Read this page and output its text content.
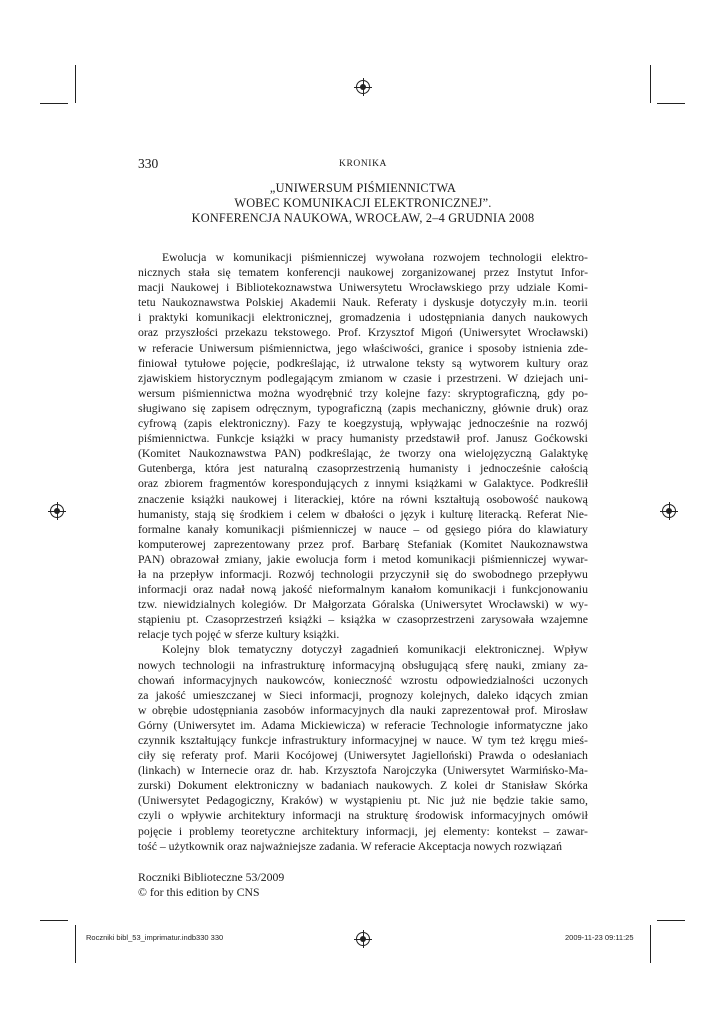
330	KRONIKA
„UNIWERSUM PIŚMIENNICTWA
WOBEC KOMUNIKACJI ELEKTRONICZNEJ”.
KONFERENCJA NAUKOWA, WROCŁAW, 2–4 GRUDNIA 2008
Ewolucja w komunikacji piśmienniczej wywołana rozwojem technologii elektro-
nicznych stała się tematem konferencji naukowej zorganizowanej przez Instytut Infor-
macji Naukowej i Bibliotekoznawstwa Uniwersytetu Wrocławskiego przy udziale Komi-
tetu Naukoznawstwa Polskiej Akademii Nauk. Referaty i dyskusje dotyczyły m.in. teorii
i praktyki komunikacji elektronicznej, gromadzenia i udostępniania danych naukowych
oraz przyszłości przekazu tekstowego. Prof. Krzysztof Migoń (Uniwersytet Wrocławski)
w referacie Uniwersum piśmiennictwa, jego właściwości, granice i sposoby istnienia zde-
finiował tytułowe pojęcie, podkreślając, iż utrwalone teksty są wytworem kultury oraz
zjawiskiem historycznym podlegającym zmianom w czasie i przestrzeni. W dziejach uni-
wersum piśmiennictwa można wyodrębnić trzy kolejne fazy: skryptograficzną, gdy po-
sługiwano się zapisem odręcznym, typograficzną (zapis mechaniczny, głównie druk) oraz
cyfrową (zapis elektroniczny). Fazy te koegzystują, wpływając jednocześnie na rozwój
piśmiennictwa. Funkcje książki w pracy humanisty przedstawił prof. Janusz Goćkowski
(Komitet Naukoznawstwa PAN) podkreślając, że tworzy ona wielojęzyczną Galaktykę
Gutenberga, która jest naturalną czasoprzestrzenią humanisty i jednocześnie całością
oraz zbiorem fragmentów korespondujących z innymi książkami w Galaktyce. Podkreślił
znaczenie książki naukowej i literackiej, które na równi kształtują osobowość naukową
humanisty, stają się środkiem i celem w dbałości o język i kulturę literacką. Referat Nie-
formalne kanały komunikacji piśmienniczej w nauce – od gęsiego pióra do klawiatury
komputerowej zaprezentowany przez prof. Barbarę Stefaniak (Komitet Naukoznawstwa
PAN) obrazował zmiany, jakie ewolucja form i metod komunikacji piśmienniczej wywar-
ła na przepływ informacji. Rozwój technologii przyczynił się do swobodnego przepływu
informacji oraz nadał nową jakość nieformalnym kanałom komunikacji i funkcjonowaniu
tzw. niewidzialnych kolegiów. Dr Małgorzata Góralska (Uniwersytet Wrocławski) w wy-
stąpieniu pt. Czasoprzestrzeń książki – książka w czasoprzestrzeni zarysowała wzajemne
relacje tych pojęć w sferze kultury książki.
Kolejny blok tematyczny dotyczył zagadnień komunikacji elektronicznej. Wpływ
nowych technologii na infrastrukturę informacyjną obsługującą sferę nauki, zmiany za-
chowań informacyjnych naukowców, konieczność wzrostu odpowiedzialności uczonych
za jakość umieszczanej w Sieci informacji, prognozy kolejnych, daleko idących zmian
w obrębie udostępniania zasobów informacyjnych dla nauki zaprezentował prof. Mirosław
Górny (Uniwersytet im. Adama Mickiewicza) w referacie Technologie informatyczne jako
czynnik kształtujący funkcje infrastruktury informacyjnej w nauce. W tym też kręgu mieś-
ciły się referaty prof. Marii Kocójowej (Uniwersytet Jagielloński) Prawda o odesłaniach
(linkach) w Internecie oraz dr. hab. Krzysztofa Narojczyka (Uniwersytet Warmińsko-Ma-
zurski) Dokument elektroniczny w badaniach naukowych. Z kolei dr Stanisław Skórka
(Uniwersytet Pedagogiczny, Kraków) w wystąpieniu pt. Nic już nie będzie takie samo,
czyli o wpływie architektury informacji na strukturę środowisk informacyjnych omówił
pojęcie i problemy teoretyczne architektury informacji, jej elementy: kontekst – zawar-
tość – użytkownik oraz najważniejsze zadania. W referacie Akceptacja nowych rozwiązań
Roczniki Biblioteczne 53/2009
© for this edition by CNS
Roczniki bibl_53_imprimatur.indb330 330	2009-11-23 09:11:25
